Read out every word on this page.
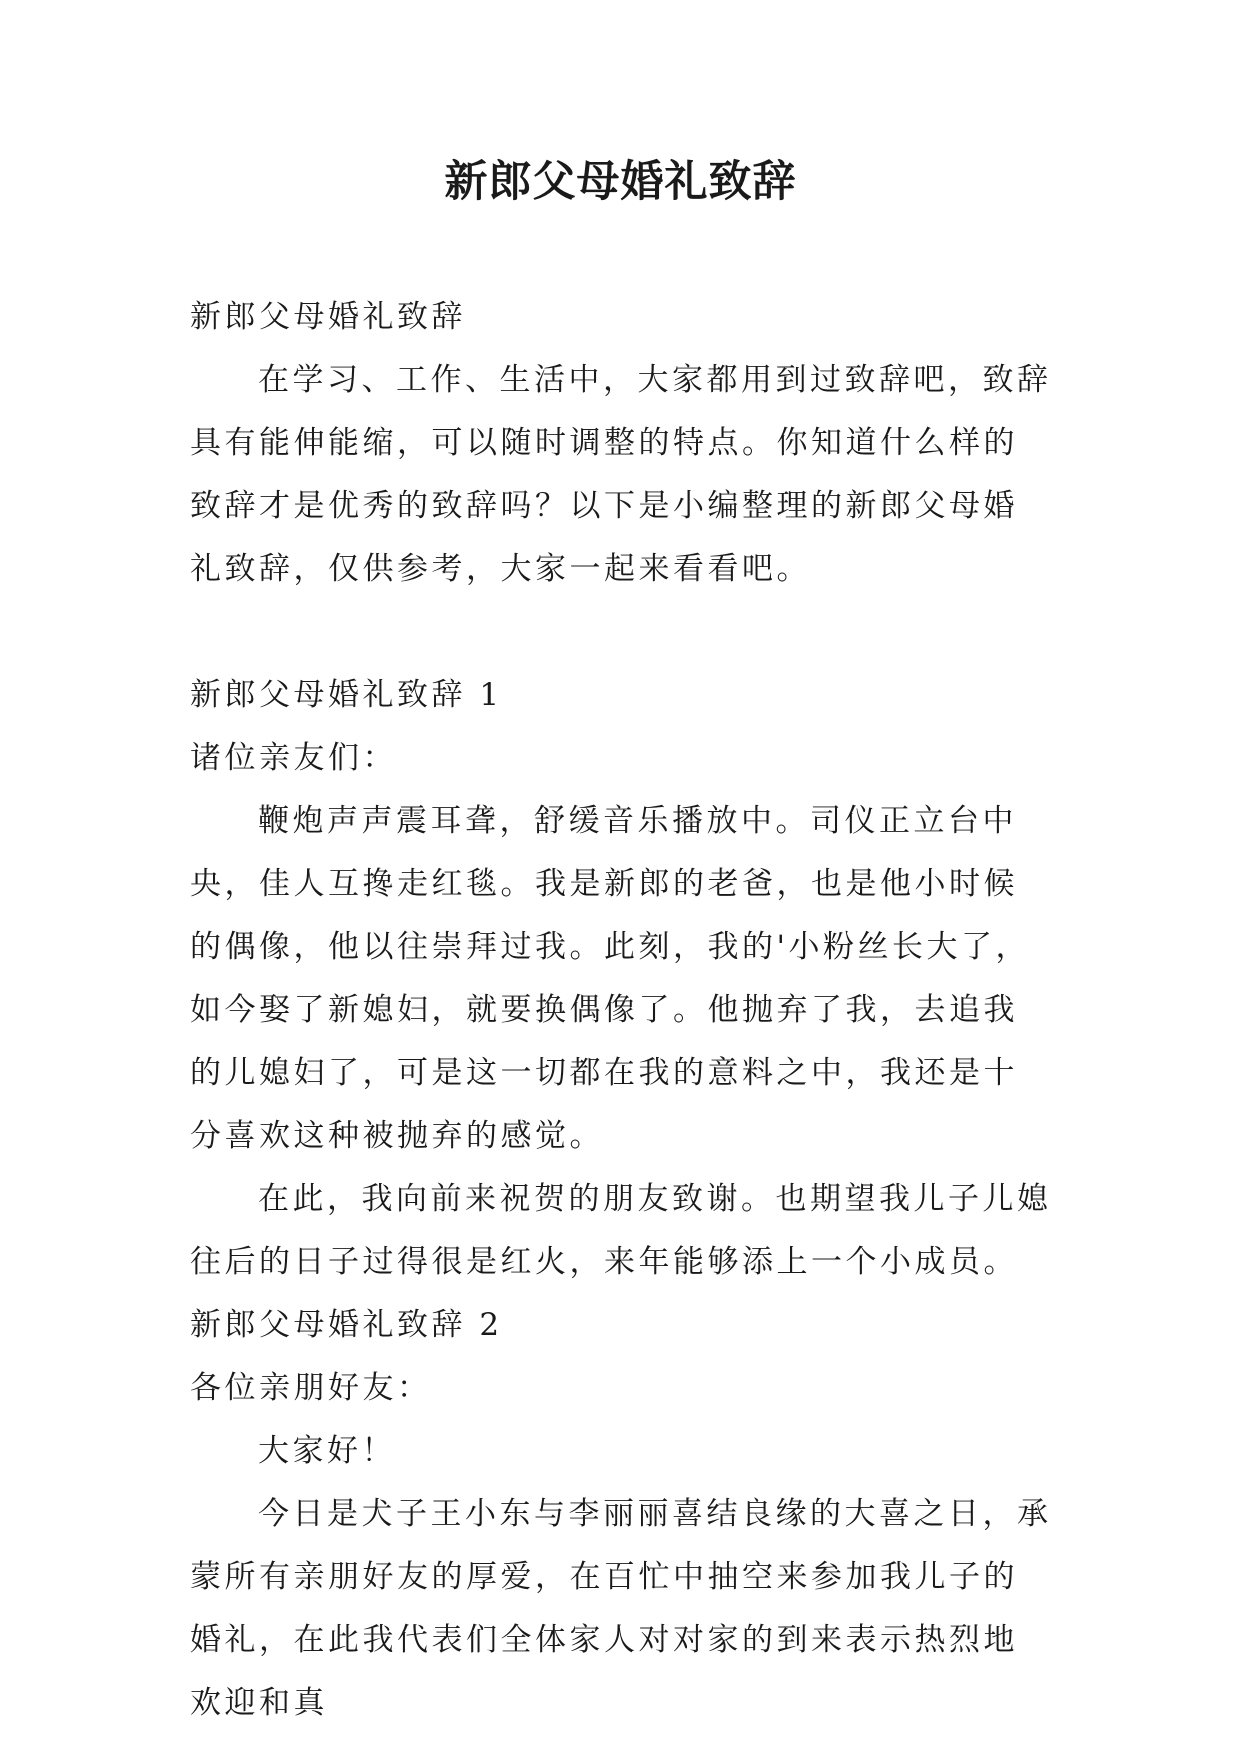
新郎父母婚礼致辞

新郎父母婚礼致辞

在学习、工作、生活中，大家都用到过致辞吧，致辞具有能伸能缩，可以随时调整的特点。你知道什么样的致辞才是优秀的致辞吗？以下是小编整理的新郎父母婚礼致辞，仅供参考，大家一起来看看吧。

新郎父母婚礼致辞 1

诸位亲友们：

鞭炮声声震耳聋，舒缓音乐播放中。司仪正立台中央，佳人互搀走红毯。我是新郎的老爸，也是他小时候的偶像，他以往崇拜过我。此刻，我的'小粉丝长大了，如今娶了新媳妇，就要换偶像了。他抛弃了我，去追我的儿媳妇了，可是这一切都在我的意料之中，我还是十分喜欢这种被抛弃的感觉。

在此，我向前来祝贺的朋友致谢。也期望我儿子儿媳往后的日子过得很是红火，来年能够添上一个小成员。

新郎父母婚礼致辞 2

各位亲朋好友：

大家好！

今日是犬子王小东与李丽丽喜结良缘的大喜之日，承蒙所有亲朋好友的厚爱，在百忙中抽空来参加我儿子的婚礼，在此我代表们全体家人对对家的到来表示热烈地欢迎和真
